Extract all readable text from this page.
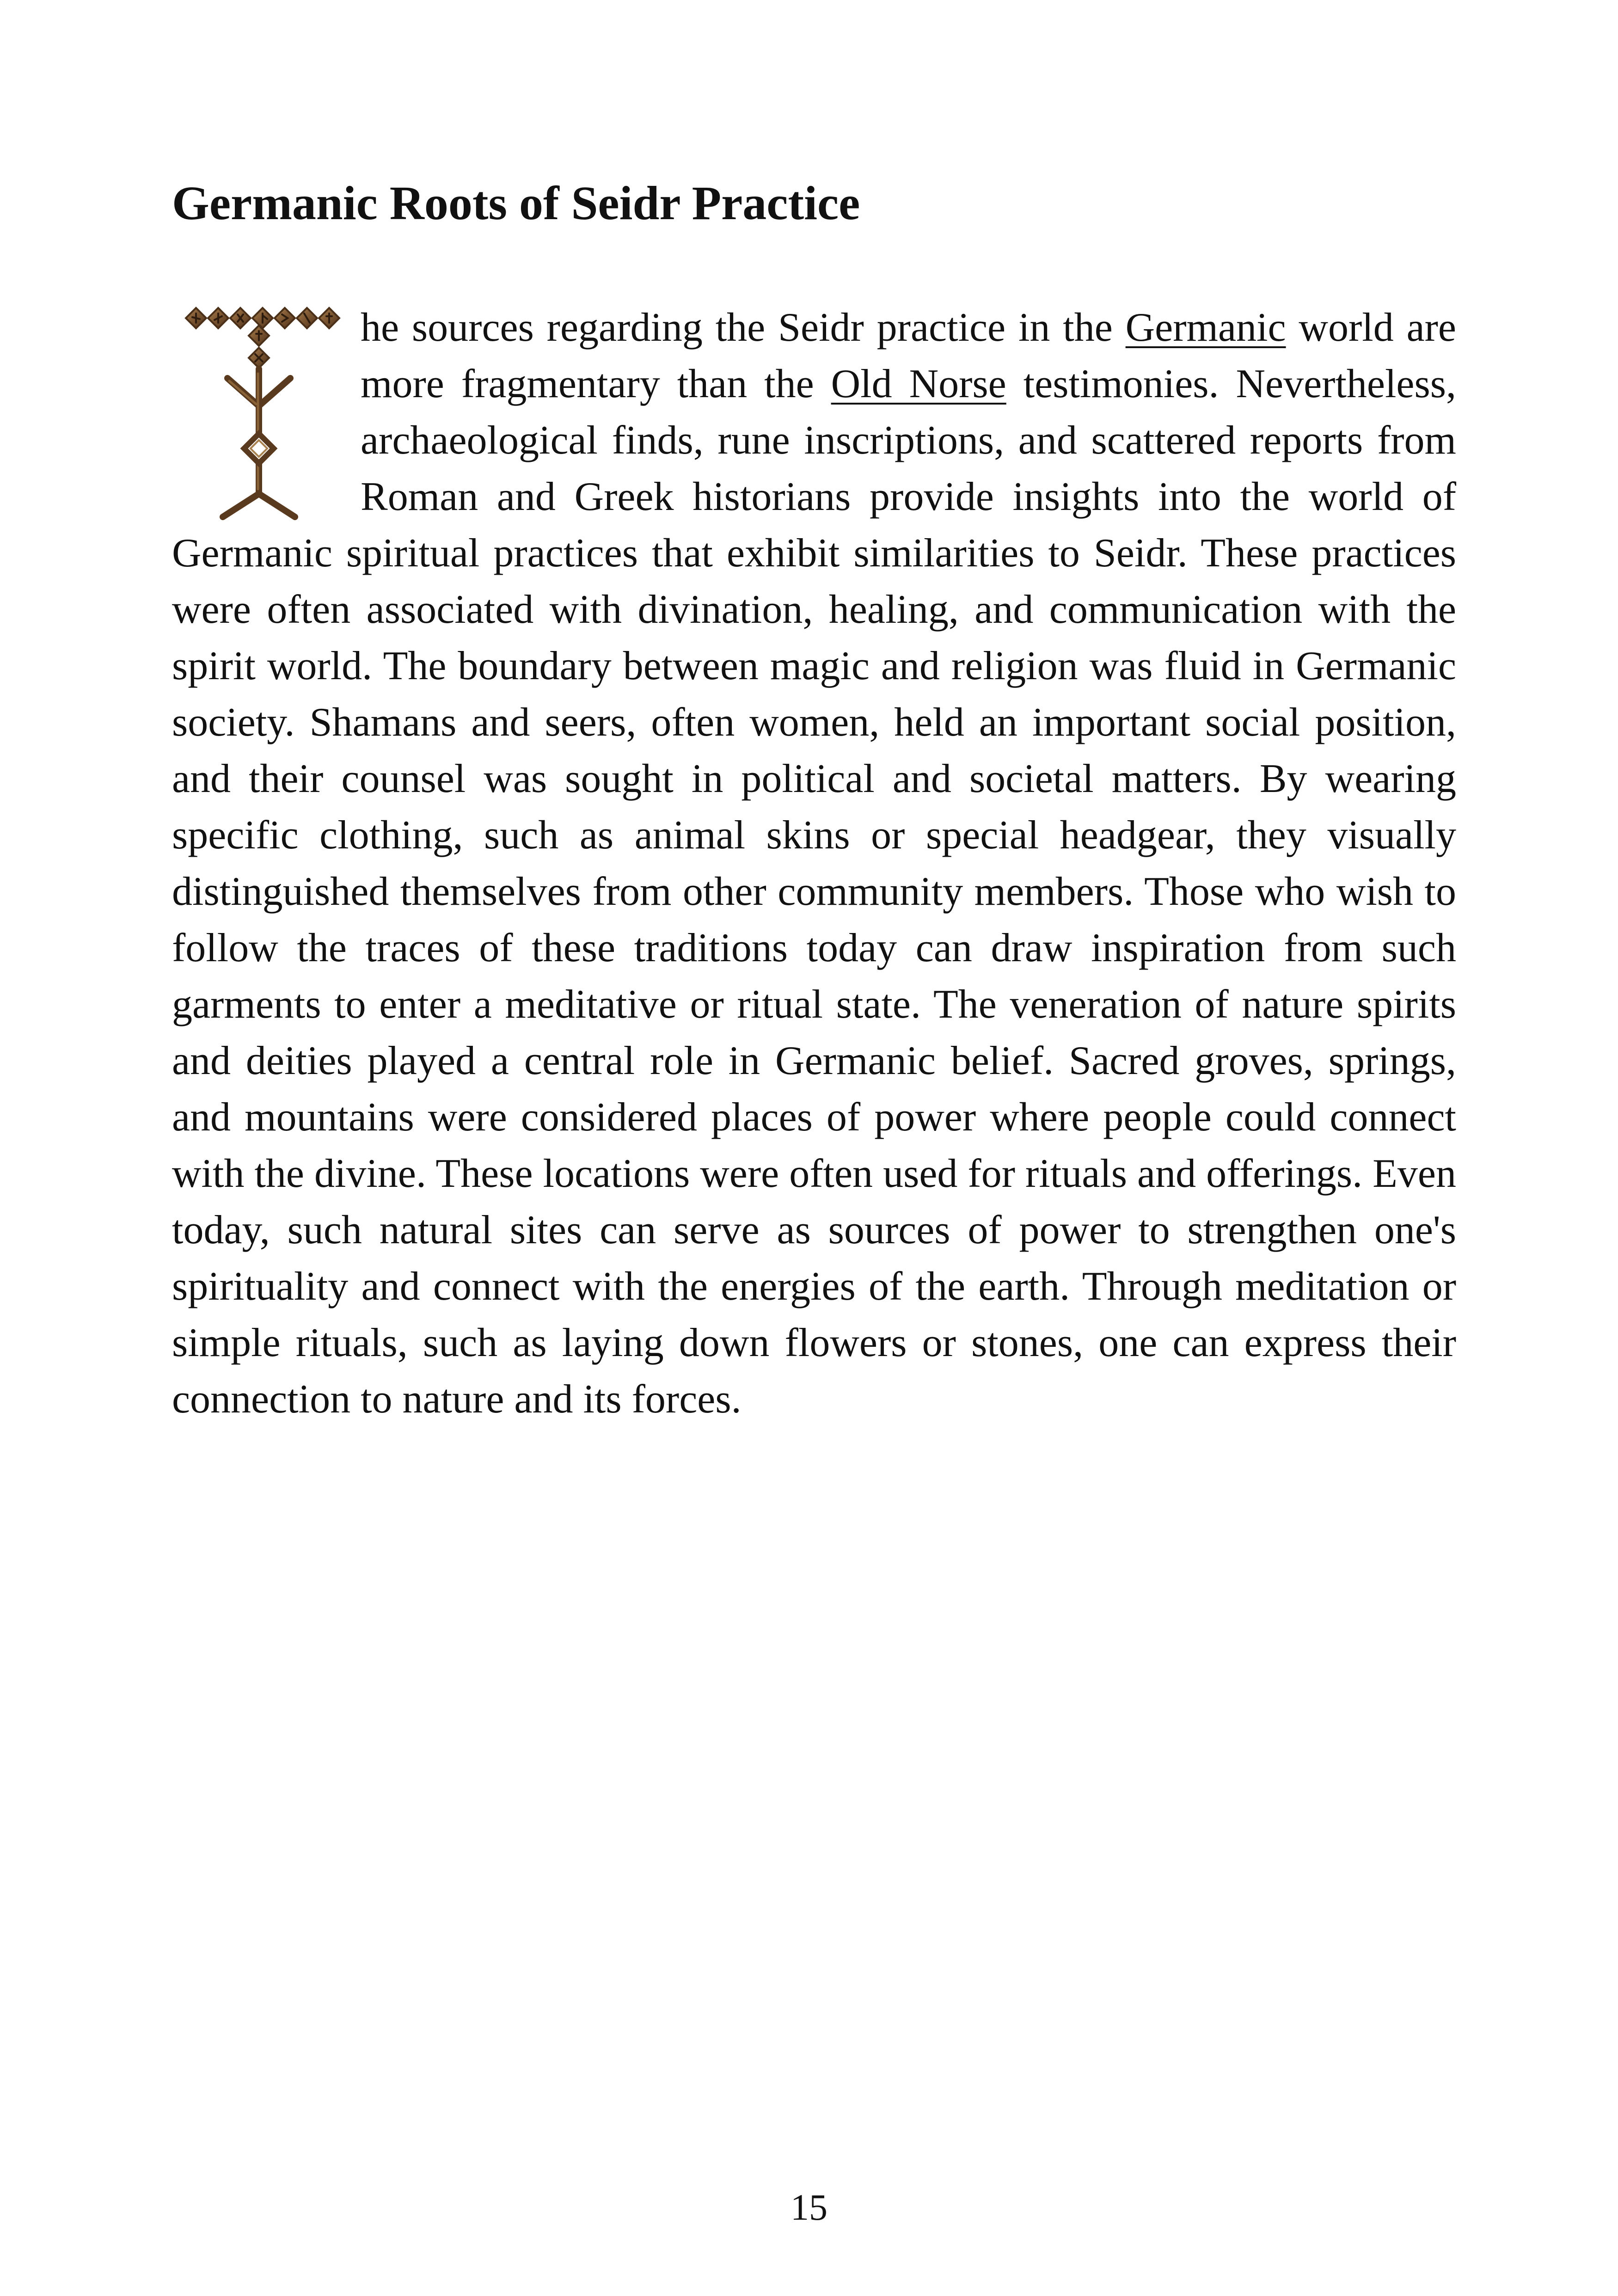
Germanic Roots of Seidr Practice

he sources regarding the Seidr practice in the Germanic world are more fragmentary than the Old Norse testimonies. Nevertheless, archaeological finds, rune inscriptions, and scattered reports from Roman and Greek historians provide insights into the world of Germanic spiritual practices that exhibit similarities to Seidr. These practices were often associated with divination, healing, and communication with the spirit world. The boundary between magic and religion was fluid in Germanic society. Shamans and seers, often women, held an important social position, and their counsel was sought in political and societal matters. By wearing specific clothing, such as animal skins or special headgear, they visually distinguished themselves from other community members. Those who wish to follow the traces of these traditions today can draw inspiration from such garments to enter a meditative or ritual state. The veneration of nature spirits and deities played a central role in Germanic belief. Sacred groves, springs, and mountains were considered places of power where people could connect with the divine. These locations were often used for rituals and offerings. Even today, such natural sites can serve as sources of power to strengthen one's spirituality and connect with the energies of the earth. Through meditation or simple rituals, such as laying down flowers or stones, one can express their connection to nature and its forces.

15
